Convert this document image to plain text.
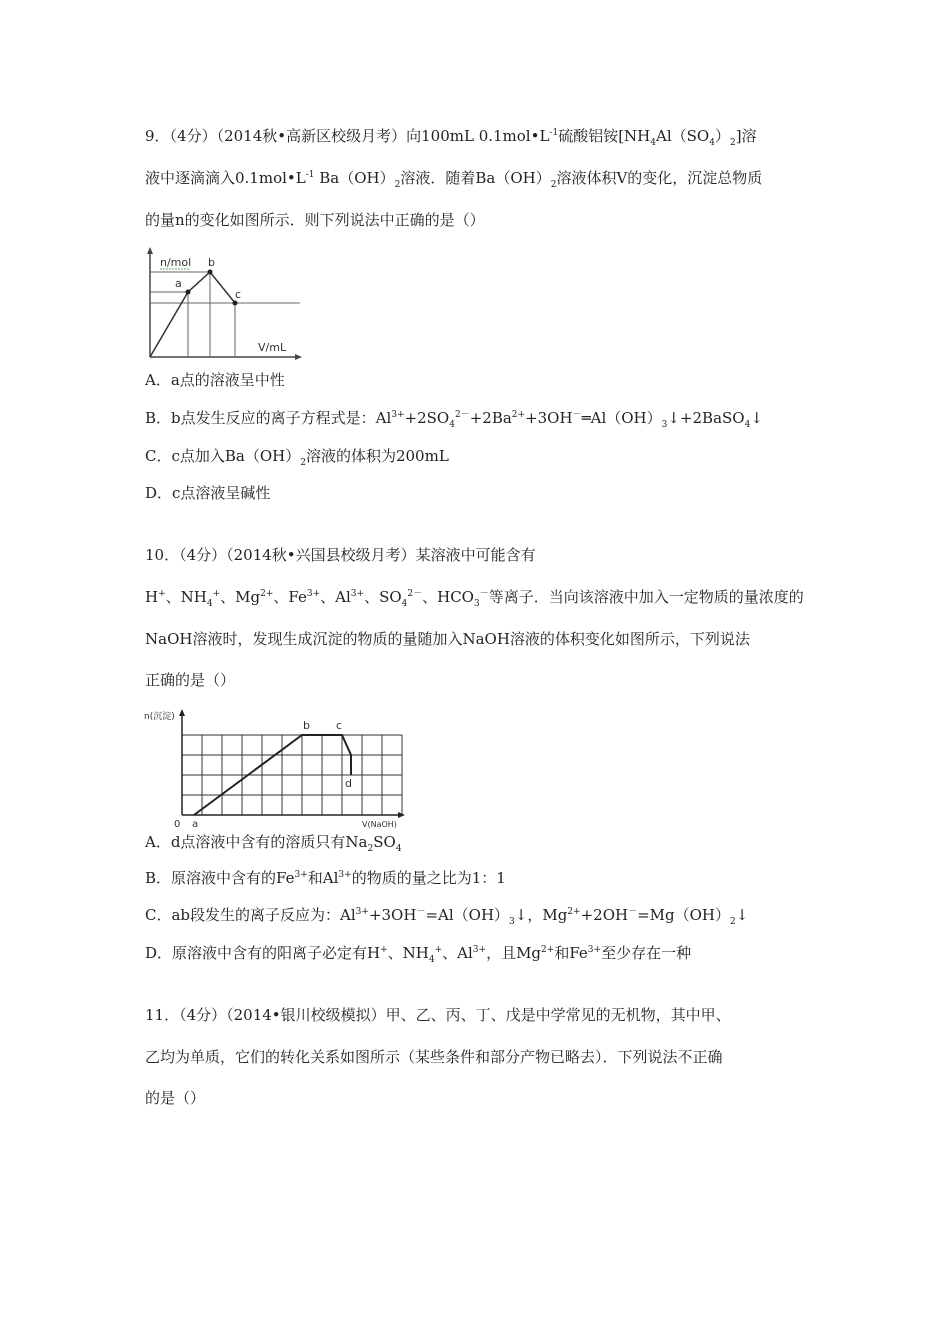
9．（4分）（2014秋•高新区校级月考）向100mL $0.1mol•L^{-1}$硫酸铝铵$[NH_4Al(SO_4)_2]$溶
液中逐滴滴入$0.1mol•L^{-1}$ $Ba(OH)_2$溶液．随着$Ba(OH)_2$溶液体积V的变化，沉淀总物质
的量n的变化如图所示．则下列说法中正确的是（）
n/mol
a
b
c
V/mL
A．a点的溶液呈中性
B．b点发生反应的离子方程式是：$Al^{3+}+2SO_4^{2-}+2Ba^{2+}+3OH^-═Al(OH)_3↓+2BaSO_4↓$
C．c点加入$Ba(OH)_2$溶液的体积为200mL
D．c点溶液呈碱性
10．（4分）（2014秋•兴国县校级月考）某溶液中可能含有
H+、$NH_4^+$、$Mg^{2+}$、$Fe^{3+}$、$Al^{3+}$、$SO_4^{2-}$、$HCO_3^-$等离子．当向该溶液中加入一定物质的量浓度的
NaOH溶液时，发现生成沉淀的物质的量随加入NaOH溶液的体积变化如图所示，下列说法
正确的是（）
n(沉淀)
0 a
b c
d
V(NaOH)
A．d点溶液中含有的溶质只有$Na_2SO_4$
B．原溶液中含有的$Fe^{3+}$和$Al^{3+}$的物质的量之比为1：1
C．ab段发生的离子反应为：$Al^{3+}+3OH^-=Al(OH)_3↓$，$Mg^{2+}+2OH^-=Mg(OH)_2↓$
D．原溶液中含有的阳离子必定有H+、$NH_4^+$、$Al^{3+}$，且$Mg^{2+}$和$Fe^{3+}$至少存在一种
11．（4分）（2014•银川校级模拟）甲、乙、丙、丁、戊是中学常见的无机物，其中甲、
乙均为单质，它们的转化关系如图所示（某些条件和部分产物已略去）．下列说法不正确
的是（）
